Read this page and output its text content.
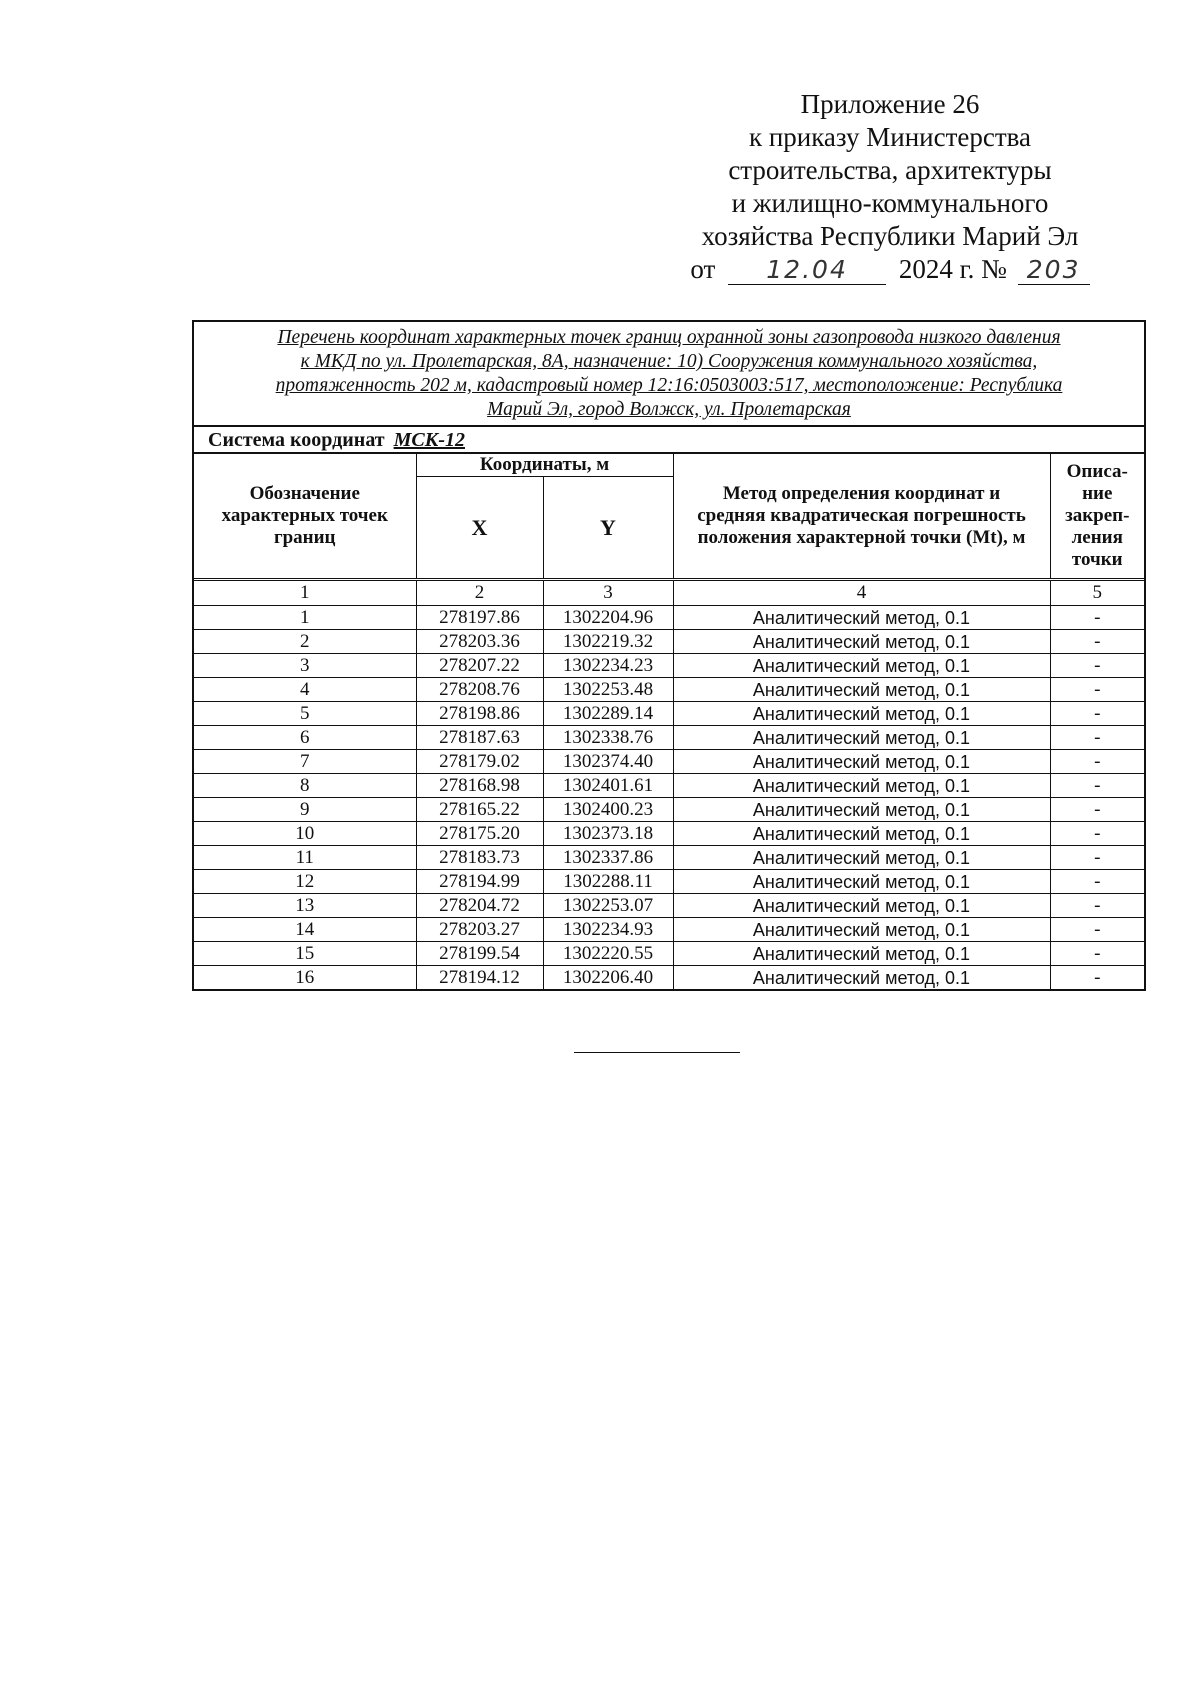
Приложение 26
к приказу Министерства
строительства, архитектуры
и жилищно-коммунального
хозяйства Республики Марий Эл
от 12.04 2024 г. № 203
Перечень координат характерных точек границ охранной зоны газопровода низкого давления
к МКД по ул. Пролетарская, 8А, назначение: 10) Сооружения коммунального хозяйства,
протяженность 202 м, кадастровый номер 12:16:0503003:517, местоположение: Республика
Марий Эл, город Волжск, ул. Пролетарская
Система координат МСК-12
Обозначение характерных точек границ	Координаты, м		Метод определения координат и средняя квадратическая погрешность положения характерной точки (Mt), м	Описа-
ние
закреп-
ления
точки

	X	Y		
1	2	3	4	5
1	278197.86	1302204.96	Аналитический метод, 0.1	-
2	278203.36	1302219.32	Аналитический метод, 0.1	-
3	278207.22	1302234.23	Аналитический метод, 0.1	-
4	278208.76	1302253.48	Аналитический метод, 0.1	-
5	278198.86	1302289.14	Аналитический метод, 0.1	-
6	278187.63	1302338.76	Аналитический метод, 0.1	-
7	278179.02	1302374.40	Аналитический метод, 0.1	-
8	278168.98	1302401.61	Аналитический метод, 0.1	-
9	278165.22	1302400.23	Аналитический метод, 0.1	-
10	278175.20	1302373.18	Аналитический метод, 0.1	-
11	278183.73	1302337.86	Аналитический метод, 0.1	-
12	278194.99	1302288.11	Аналитический метод, 0.1	-
13	278204.72	1302253.07	Аналитический метод, 0.1	-
14	278203.27	1302234.93	Аналитический метод, 0.1	-
15	278199.54	1302220.55	Аналитический метод, 0.1	-
16	278194.12	1302206.40	Аналитический метод, 0.1	-
